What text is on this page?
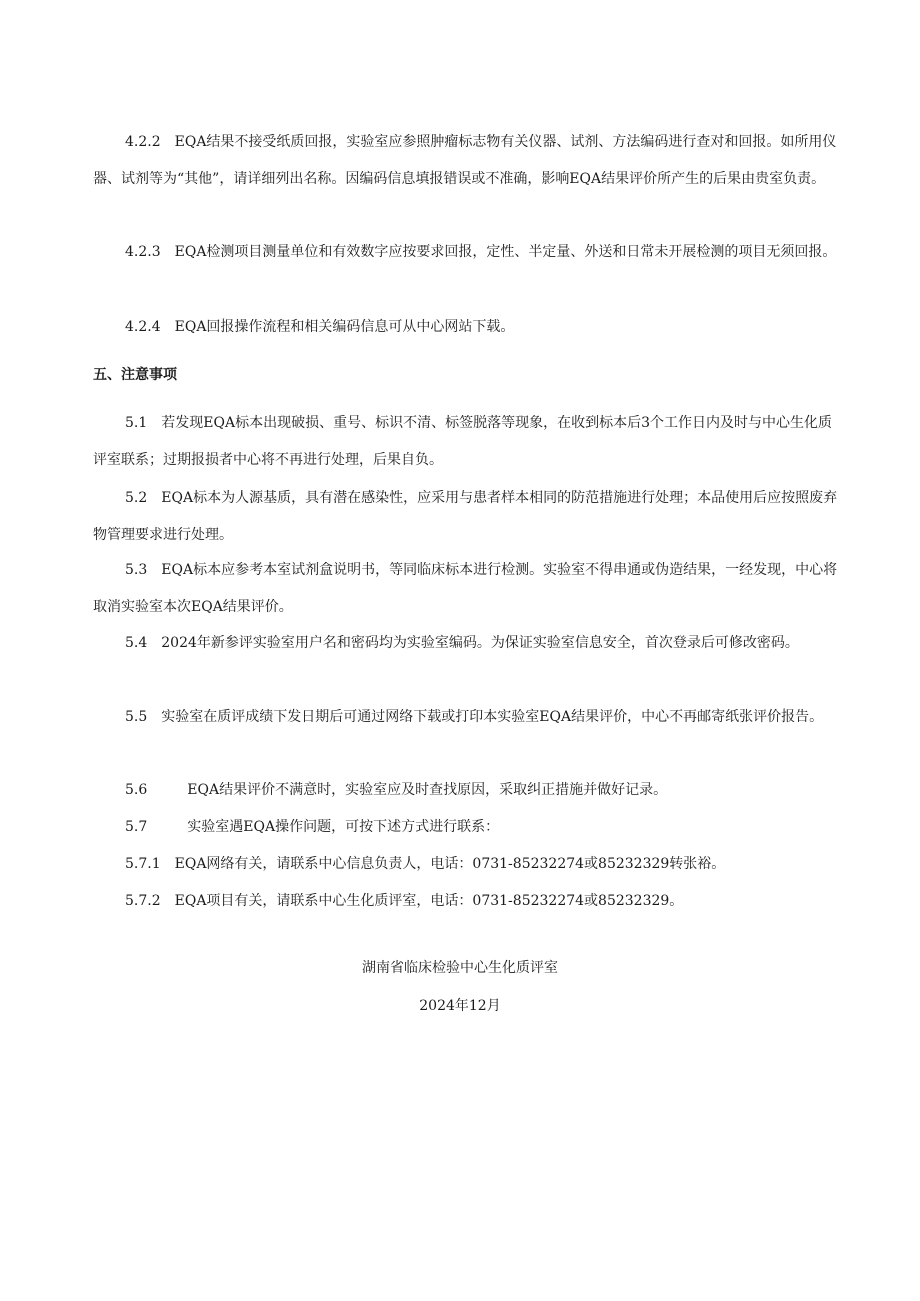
4.2.2 EQA结果不接受纸质回报，实验室应参照肿瘤标志物有关仪器、试剂、方法编码进行查对和回报。如所用仪器、试剂等为“其他”，请详细列出名称。因编码信息填报错误或不准确，影响EQA结果评价所产生的后果由贵室负责。
4.2.3 EQA检测项目测量单位和有效数字应按要求回报，定性、半定量、外送和日常未开展检测的项目无须回报。
4.2.4 EQA回报操作流程和相关编码信息可从中心网站下载。
五、注意事项
5.1 若发现EQA标本出现破损、重号、标识不清、标签脱落等现象，在收到标本后3个工作日内及时与中心生化质评室联系；过期报损者中心将不再进行处理，后果自负。
5.2 EQA标本为人源基质，具有潜在感染性，应采用与患者样本相同的防范措施进行处理；本品使用后应按照废弃物管理要求进行处理。
5.3 EQA标本应参考本室试剂盒说明书，等同临床标本进行检测。实验室不得串通或伪造结果，一经发现，中心将取消实验室本次EQA结果评价。
5.4 2024年新参评实验室用户名和密码均为实验室编码。为保证实验室信息安全，首次登录后可修改密码。
5.5 实验室在质评成绩下发日期后可通过网络下载或打印本实验室EQA结果评价，中心不再邮寄纸张评价报告。
5.6	EQA结果评价不满意时，实验室应及时查找原因，采取纠正措施并做好记录。
5.7	实验室遇EQA操作问题，可按下述方式进行联系：
5.7.1 EQA网络有关，请联系中心信息负责人，电话：0731-85232274或85232329转张裕。
5.7.2 EQA项目有关，请联系中心生化质评室，电话：0731-85232274或85232329。
湖南省临床检验中心生化质评室
2024年12月
